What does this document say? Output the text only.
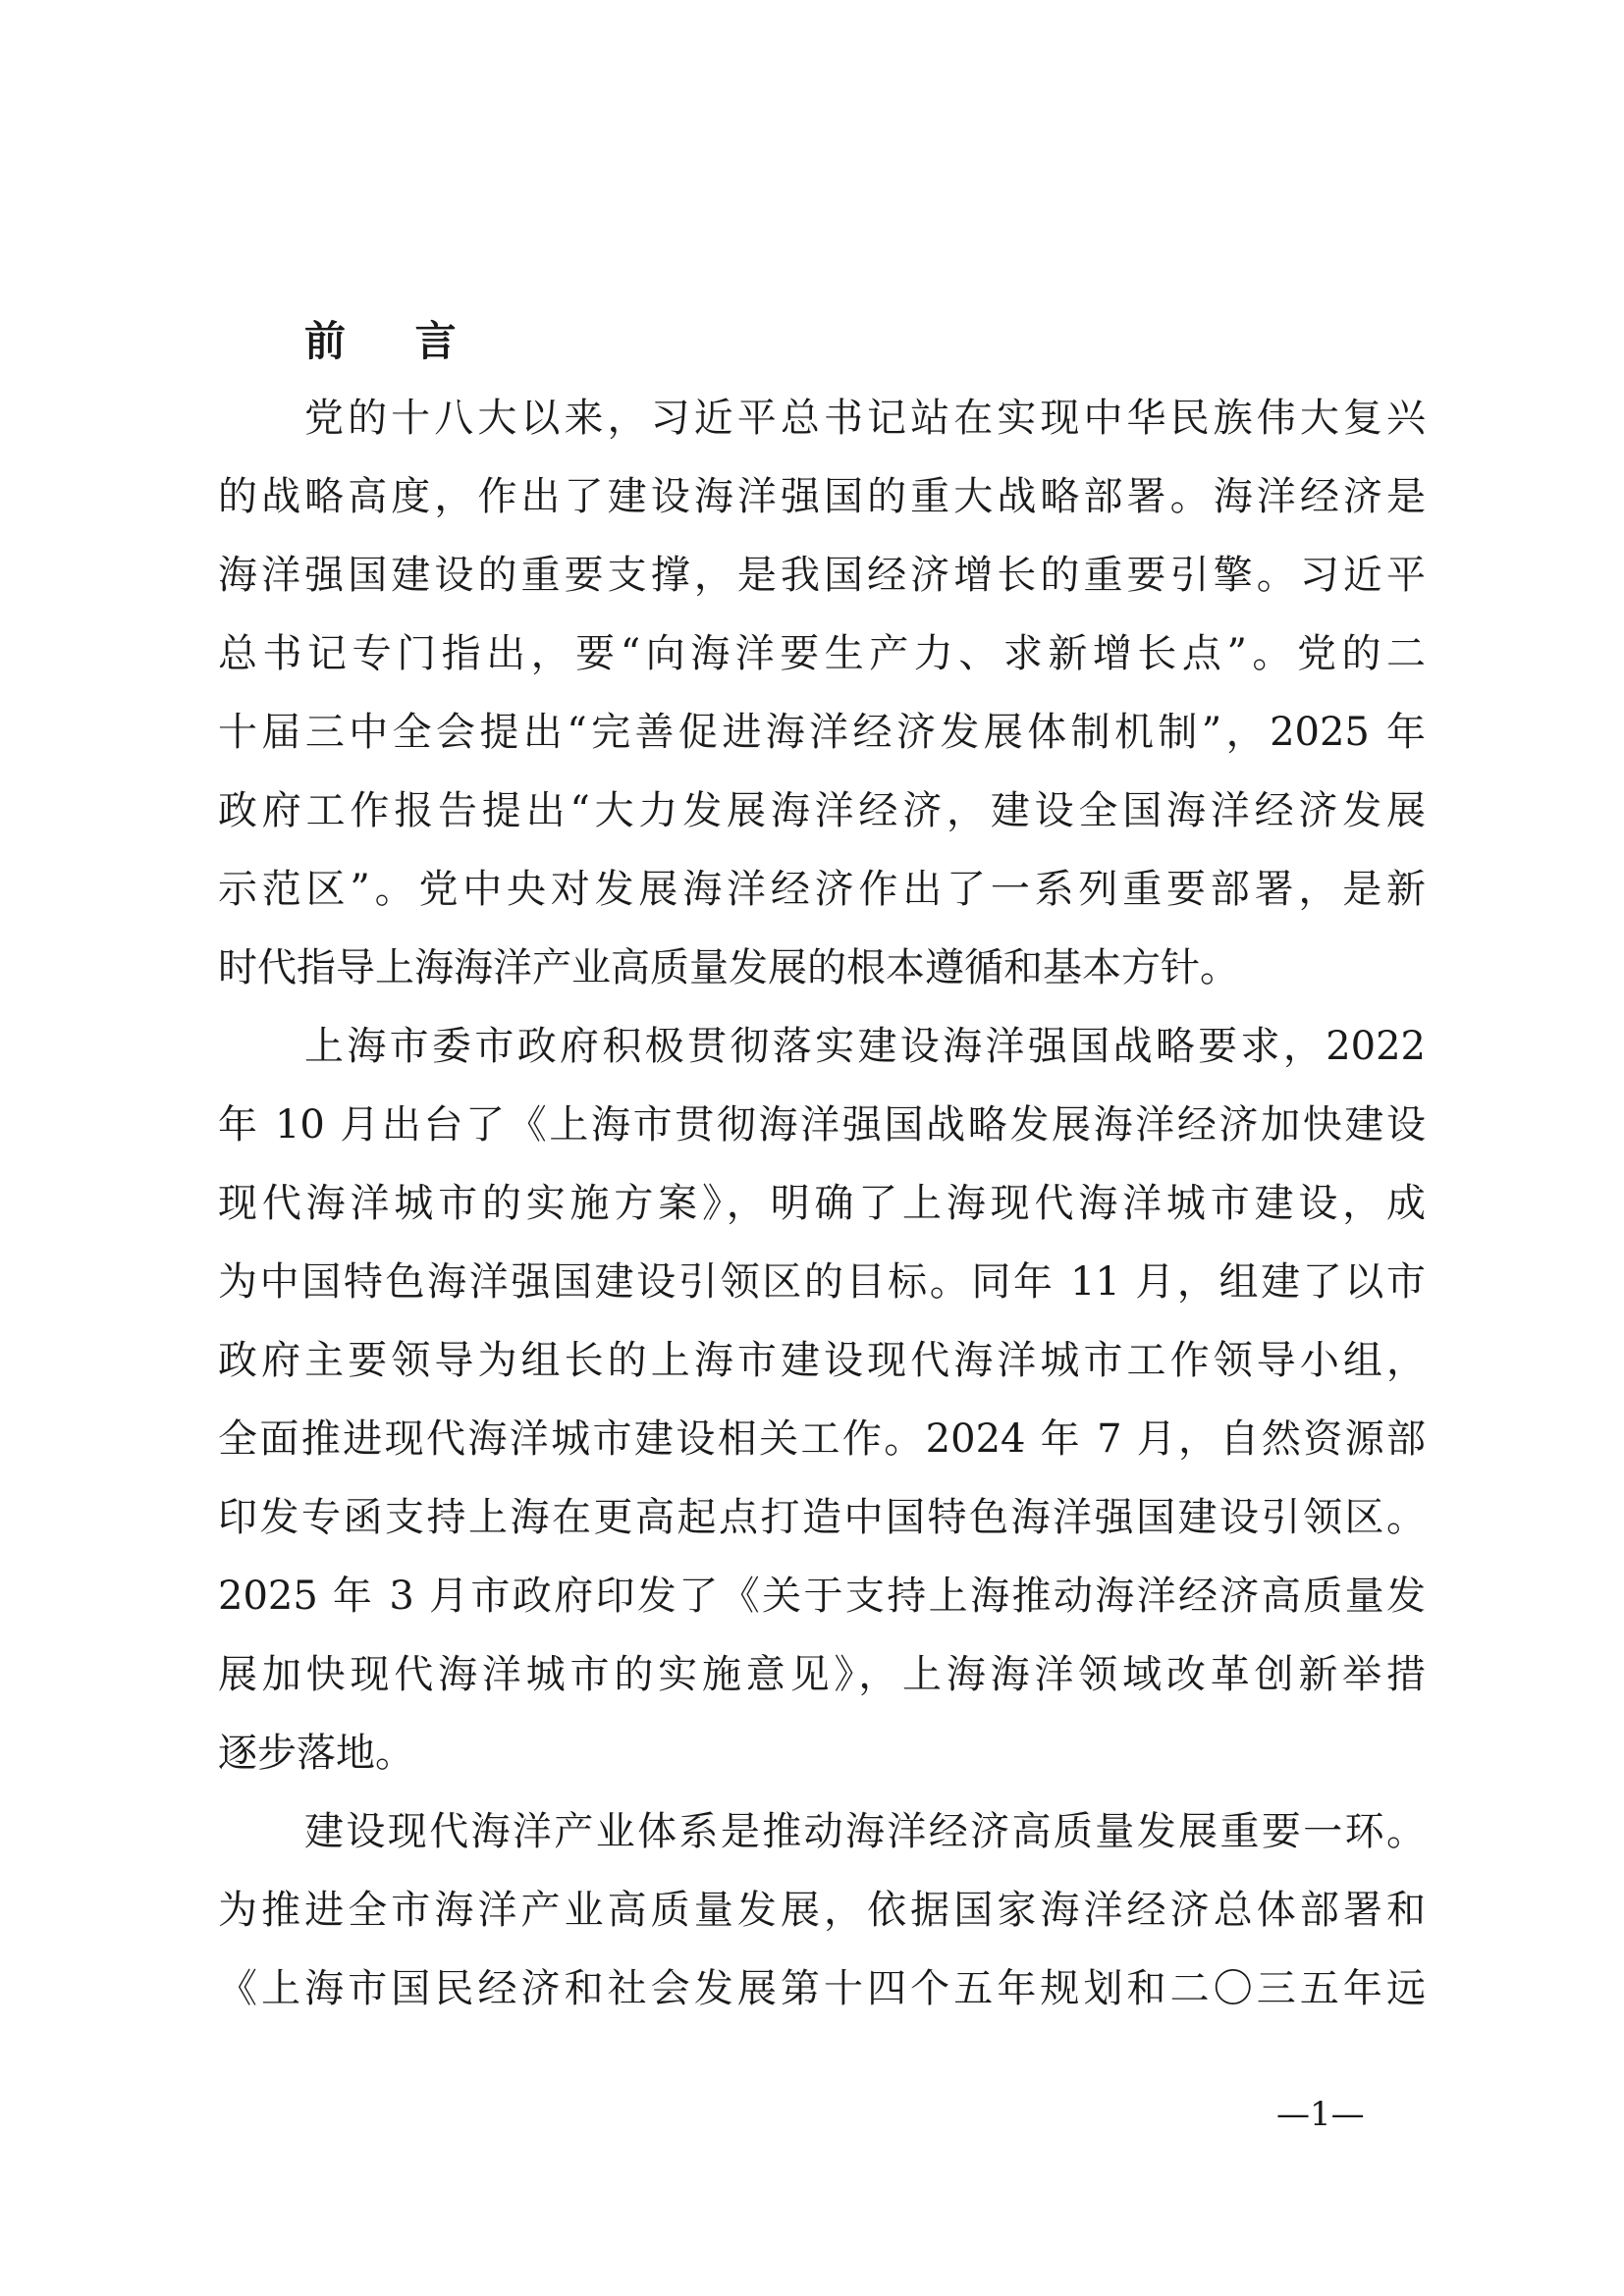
前 言
党的十八大以来，习近平总书记站在实现中华民族伟大复兴
的战略高度，作出了建设海洋强国的重大战略部署。海洋经济是
海洋强国建设的重要支撑，是我国经济增长的重要引擎。习近平
总书记专门指出，要“向海洋要生产力、求新增长点”。党的二
十届三中全会提出“完善促进海洋经济发展体制机制”，2025 年
政府工作报告提出“大力发展海洋经济，建设全国海洋经济发展
示范区”。党中央对发展海洋经济作出了一系列重要部署，是新
时代指导上海海洋产业高质量发展的根本遵循和基本方针。
上海市委市政府积极贯彻落实建设海洋强国战略要求，2022
年 10 月出台了《上海市贯彻海洋强国战略发展海洋经济加快建设
现代海洋城市的实施方案》，明确了上海现代海洋城市建设，成
为中国特色海洋强国建设引领区的目标。同年 11 月，组建了以市
政府主要领导为组长的上海市建设现代海洋城市工作领导小组，
全面推进现代海洋城市建设相关工作。2024 年 7 月，自然资源部
印发专函支持上海在更高起点打造中国特色海洋强国建设引领区。
2025 年 3 月市政府印发了《关于支持上海推动海洋经济高质量发
展加快现代海洋城市的实施意见》，上海海洋领域改革创新举措
逐步落地。
建设现代海洋产业体系是推动海洋经济高质量发展重要一环。
为推进全市海洋产业高质量发展，依据国家海洋经济总体部署和
《上海市国民经济和社会发展第十四个五年规划和二〇三五年远
—1—
